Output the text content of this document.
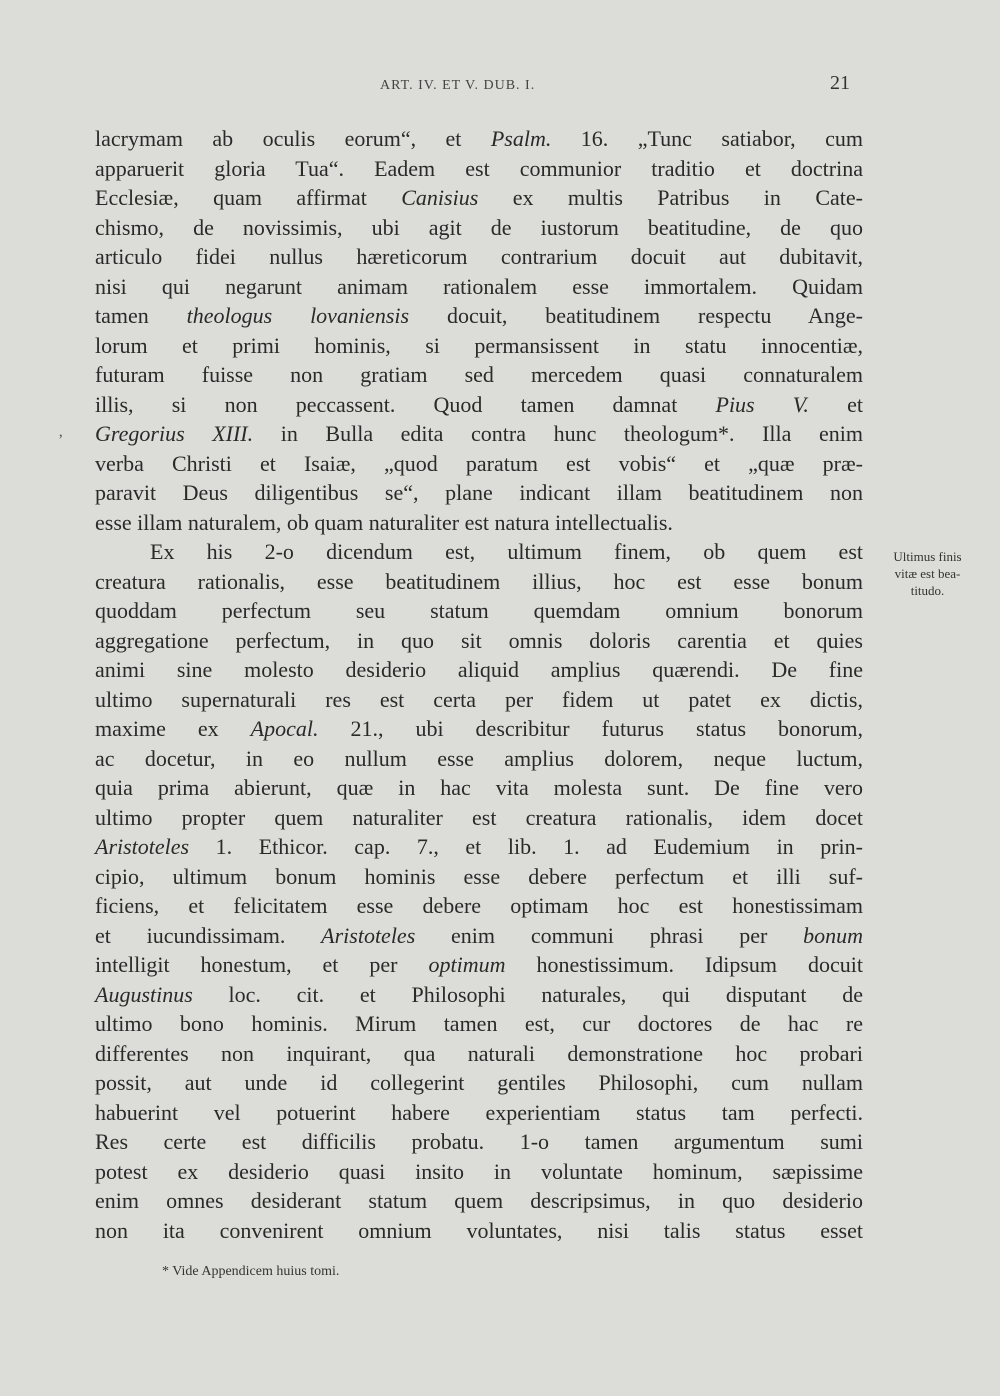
ART. IV. ET V. DUB. I.	21
’
lacrymam ab oculis eorum“, et Psalm. 16. „Tunc satiabor, cum
apparuerit gloria Tua“. Eadem est communior traditio et doctrina
Ecclesiæ, quam affirmat Canisius ex multis Patribus in Cate-
chismo, de novissimis, ubi agit de iustorum beatitudine, de quo
articulo fidei nullus hæreticorum contrarium docuit aut dubitavit,
nisi qui negarunt animam rationalem esse immortalem. Quidam
tamen theologus lovaniensis docuit, beatitudinem respectu Ange-
lorum et primi hominis, si permansissent in statu innocentiæ,
futuram fuisse non gratiam sed mercedem quasi connaturalem
illis, si non peccassent. Quod tamen damnat Pius V. et
Gregorius XIII. in Bulla edita contra hunc theologum*. Illa enim
verba Christi et Isaiæ, „quod paratum est vobis“ et „quæ præ-
paravit Deus diligentibus se“, plane indicant illam beatitudinem non
esse illam naturalem, ob quam naturaliter est natura intellectualis.
Ex his 2-o dicendum est, ultimum finem, ob quem est
creatura rationalis, esse beatitudinem illius, hoc est esse bonum
quoddam perfectum seu statum quemdam omnium bonorum
aggregatione perfectum, in quo sit omnis doloris carentia et quies
animi sine molesto desiderio aliquid amplius quærendi. De fine
ultimo supernaturali res est certa per fidem ut patet ex dictis,
maxime ex Apocal. 21., ubi describitur futurus status bonorum,
ac docetur, in eo nullum esse amplius dolorem, neque luctum,
quia prima abierunt, quæ in hac vita molesta sunt. De fine vero
ultimo propter quem naturaliter est creatura rationalis, idem docet
Aristoteles 1. Ethicor. cap. 7., et lib. 1. ad Eudemium in prin-
cipio, ultimum bonum hominis esse debere perfectum et illi suf-
ficiens, et felicitatem esse debere optimam hoc est honestissimam
et iucundissimam. Aristoteles enim communi phrasi per bonum
intelligit honestum, et per optimum honestissimum. Idipsum docuit
Augustinus loc. cit. et Philosophi naturales, qui disputant de
ultimo bono hominis. Mirum tamen est, cur doctores de hac re
differentes non inquirant, qua naturali demonstratione hoc probari
possit, aut unde id collegerint gentiles Philosophi, cum nullam
habuerint vel potuerint habere experientiam status tam perfecti.
Res certe est difficilis probatu. 1-o tamen argumentum sumi
potest ex desiderio quasi insito in voluntate hominum, sæpissime
enim omnes desiderant statum quem descripsimus, in quo desiderio
non ita convenirent omnium voluntates, nisi talis status esset
Ultimus finis
vitæ est bea-
titudo.
* Vide Appendicem huius tomi.
